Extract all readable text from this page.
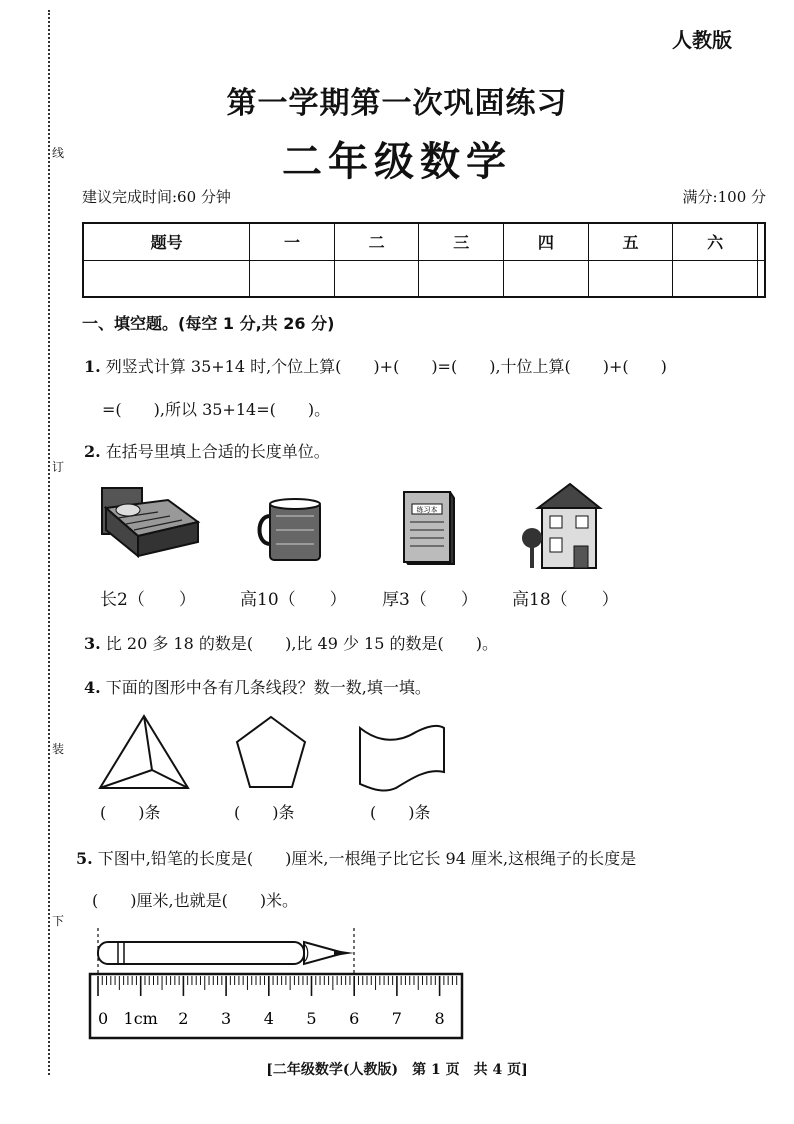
线
订
装
下
人教版
第一学期第一次巩固练习
二年级数学
建议完成时间:60 分钟	满分:100 分
题号	一	二	三	四	五	六	

一、填空题。(每空 1 分,共 26 分)
1. 列竖式计算 35+14 时,个位上算(　　)+(　　)=(　　),十位上算(　　)+(　　)
=(　　),所以 35+14=(　　)。
2. 在括号里填上合适的长度单位。
练习本
长2（　　）	高10（　　） 厚3（　　） 高18（　　）
3. 比 20 多 18 的数是(　　),比 49 少 15 的数是(　　)。
4. 下面的图形中各有几条线段？数一数,填一填。
(　　)条	(　　)条	(　　)条
5. 下图中,铅笔的长度是(　　)厘米,一根绳子比它长 94 厘米,这根绳子的长度是
(　　)厘米,也就是(　　)米。
0 1cm 2 3 4 5 6 7 8
[二年级数学(人教版)　第 1 页　共 4 页]
